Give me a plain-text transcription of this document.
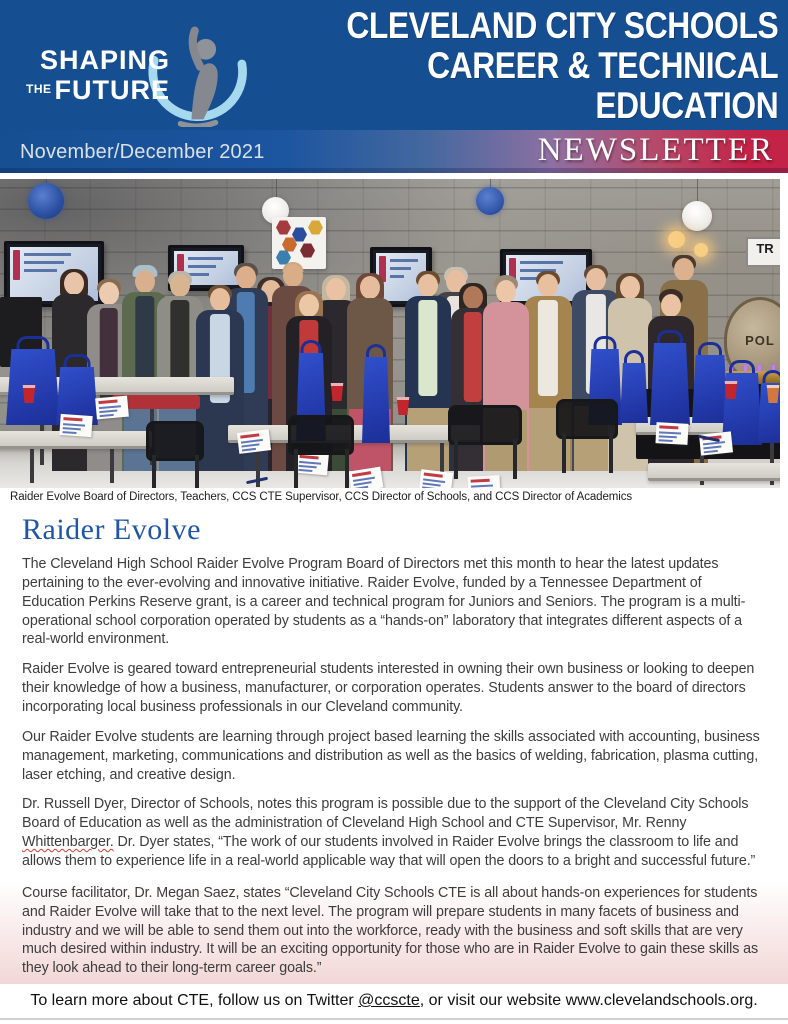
SHAPING
$^{THE}$ FUTURE
CLEVELAND CITY SCHOOLS
CAREER & TECHNICAL
EDUCATION
NEWSLETTER
November/December 2021
TR
POL
Raider Evolve Board of Directors, Teachers, CCS CTE Supervisor, CCS Director of Schools, and CCS Director of Academics
Raider Evolve

The Cleveland High School Raider Evolve Program Board of Directors met this month to hear the latest updates pertaining to the ever-evolving and innovative initiative. Raider Evolve, funded by a Tennessee Department of Education Perkins Reserve grant, is a career and technical program for Juniors and Seniors. The program is a multi-operational school corporation operated by students as a “hands-on” laboratory that integrates different aspects of a real-world environment.

Raider Evolve is geared toward entrepreneurial students interested in owning their own business or looking to deepen their knowledge of how a business, manufacturer, or corporation operates. Students answer to the board of directors incorporating local business professionals in our Cleveland community.

Our Raider Evolve students are learning through project based learning the skills associated with accounting, business management, marketing, communications and distribution as well as the basics of welding, fabrication, plasma cutting, laser etching, and creative design.

Dr. Russell Dyer, Director of Schools, notes this program is possible due to the support of the Cleveland City Schools Board of Education as well as the administration of Cleveland High School and CTE Supervisor, Mr. Renny Whittenbarger. Dr. Dyer states, “The work of our students involved in Raider Evolve brings the classroom to life and allows them to experience life in a real-world applicable way that will open the doors to a bright and successful future.”

Course facilitator, Dr. Megan Saez, states “Cleveland City Schools CTE is all about hands-on experiences for students and Raider Evolve will take that to the next level. The program will prepare students in many facets of business and industry and we will be able to send them out into the workforce, ready with the business and soft skills that are very much desired within industry. It will be an exciting opportunity for those who are in Raider Evolve to gain these skills as they look ahead to their long-term career goals.”

To learn more about CTE, follow us on Twitter @ccscte, or visit our website www.clevelandschools.org.
